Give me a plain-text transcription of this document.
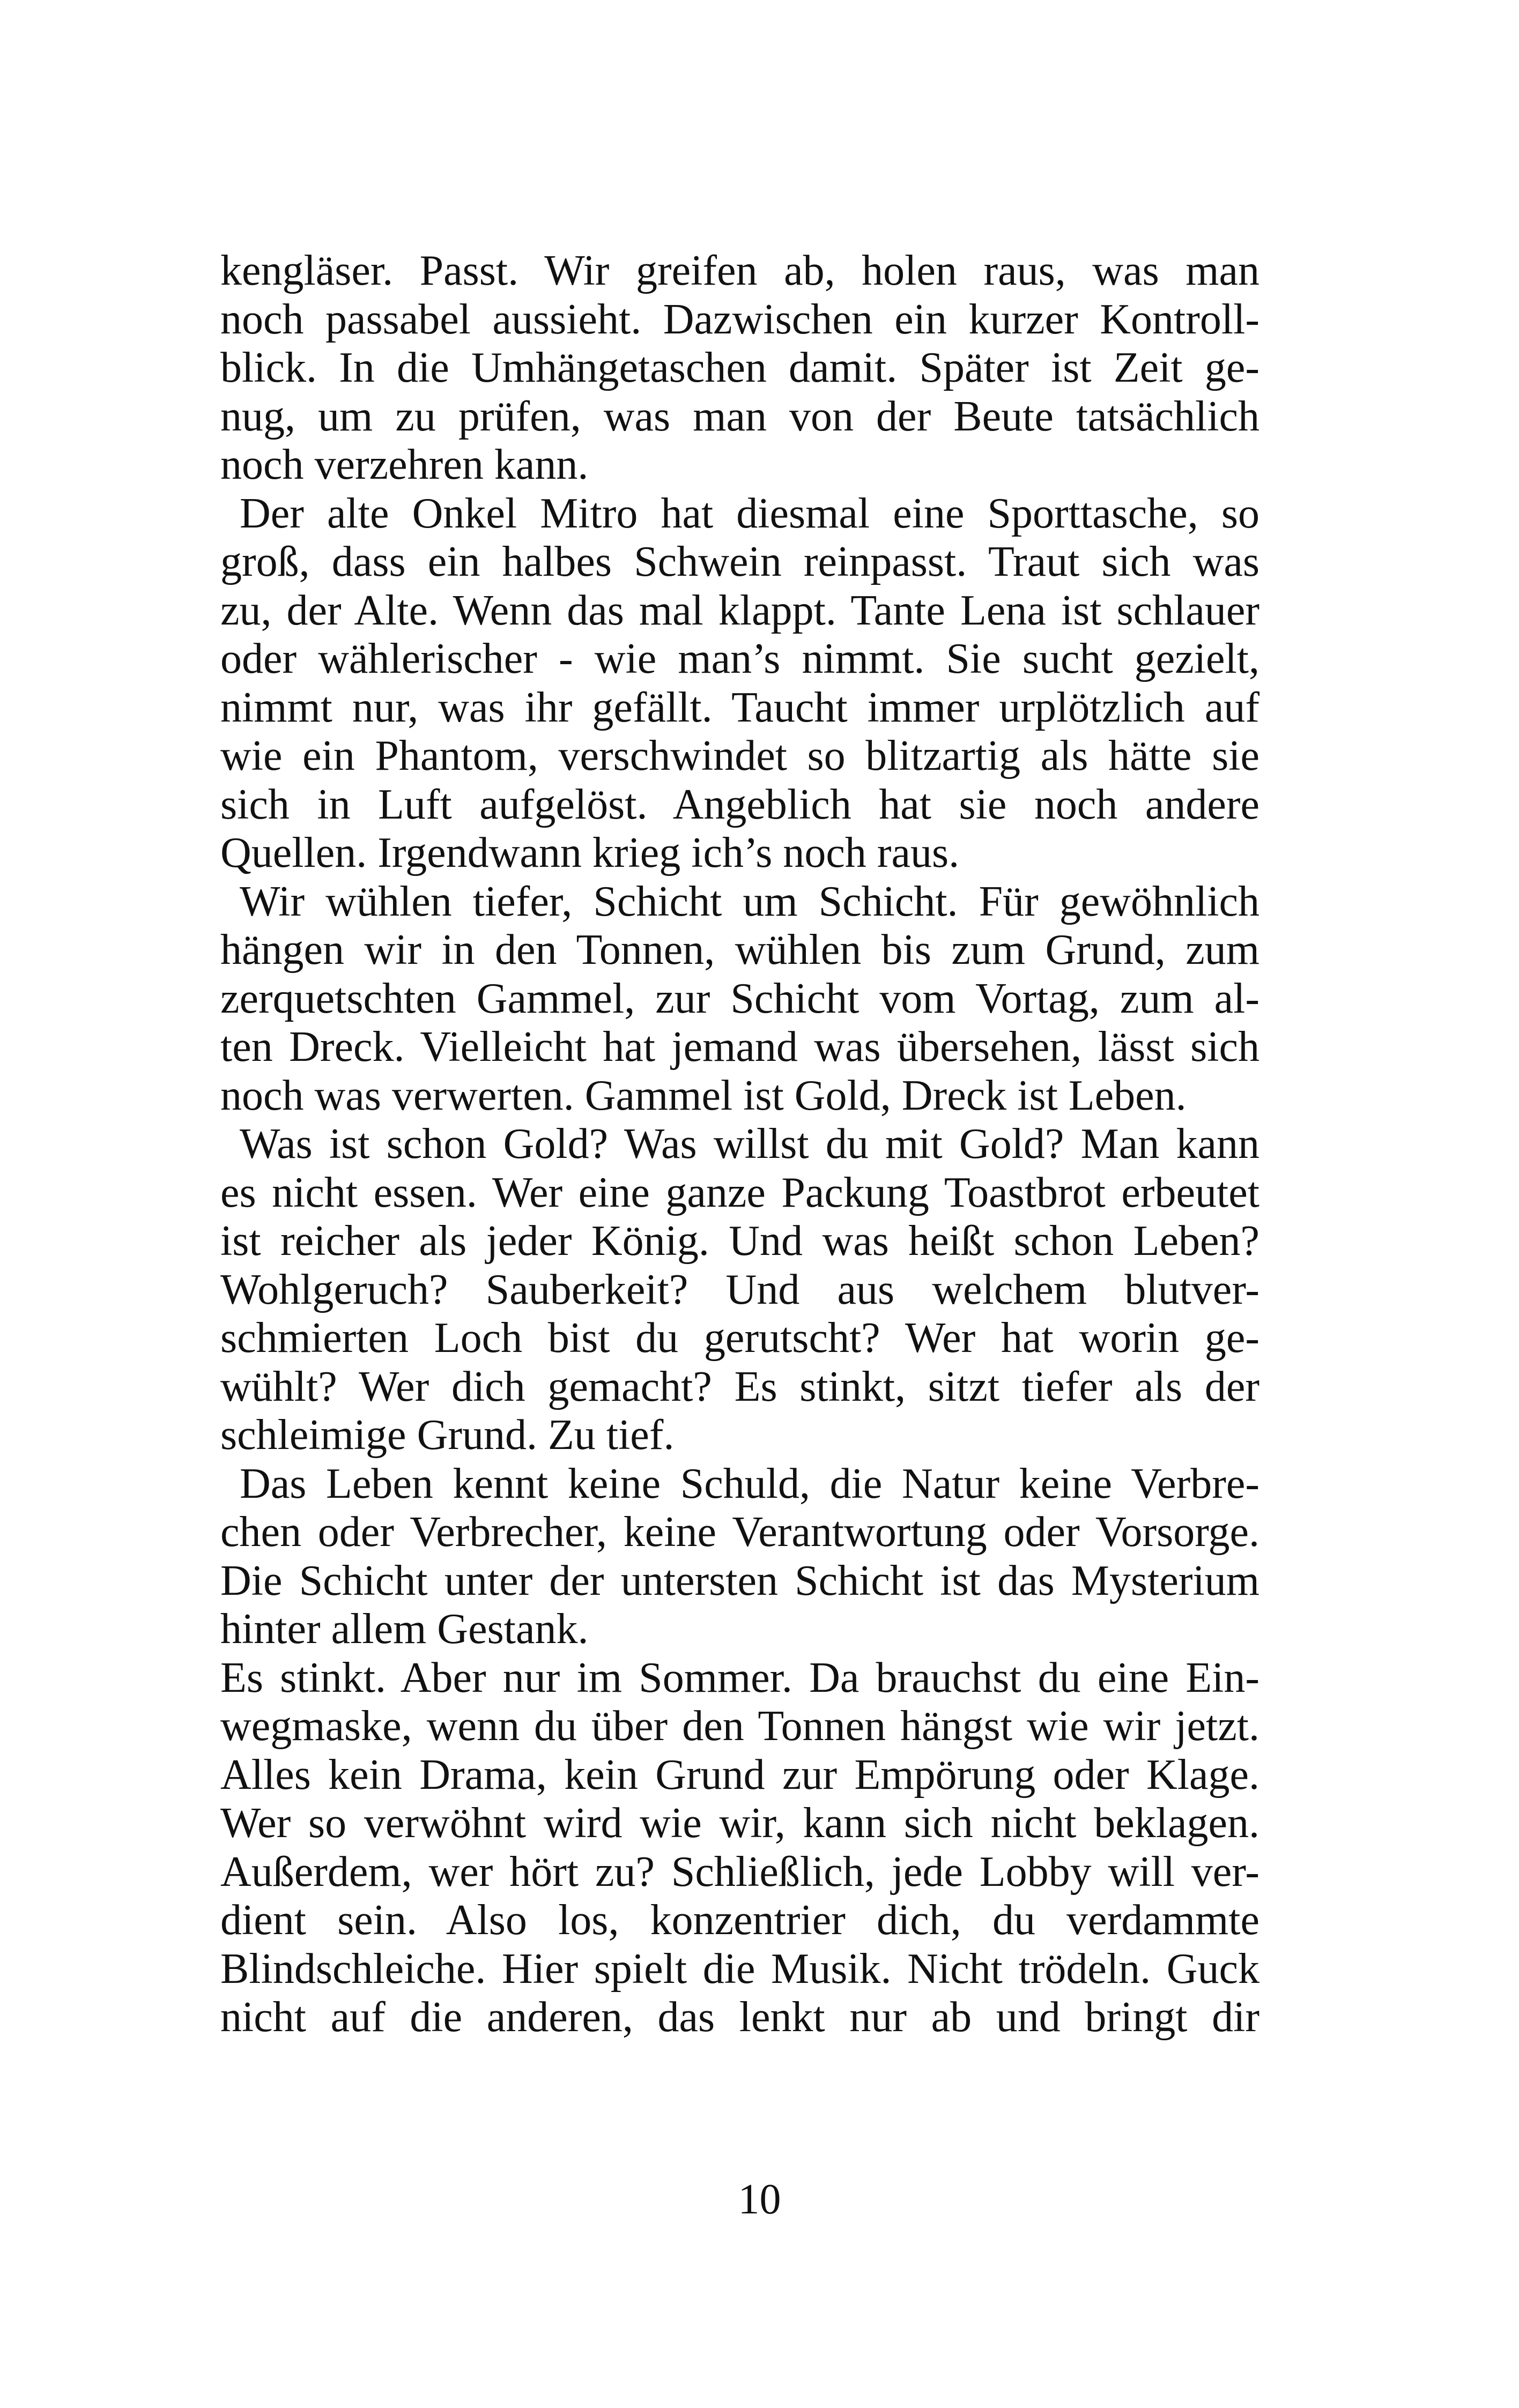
kengläser. Passt. Wir greifen ab, holen raus, was man
noch passabel aussieht. Dazwischen ein kurzer Kontroll-
blick. In die Umhängetaschen damit. Später ist Zeit ge-
nug, um zu prüfen, was man von der Beute tatsächlich
noch verzehren kann.

Der alte Onkel Mitro hat diesmal eine Sporttasche, so
groß, dass ein halbes Schwein reinpasst. Traut sich was
zu, der Alte. Wenn das mal klappt. Tante Lena ist schlauer
oder wählerischer - wie man’s nimmt. Sie sucht gezielt,
nimmt nur, was ihr gefällt. Taucht immer urplötzlich auf
wie ein Phantom, verschwindet so blitzartig als hätte sie
sich in Luft aufgelöst. Angeblich hat sie noch andere
Quellen. Irgendwann krieg ich’s noch raus.

Wir wühlen tiefer, Schicht um Schicht. Für gewöhnlich
hängen wir in den Tonnen, wühlen bis zum Grund, zum
zerquetschten Gammel, zur Schicht vom Vortag, zum al-
ten Dreck. Vielleicht hat jemand was übersehen, lässt sich
noch was verwerten. Gammel ist Gold, Dreck ist Leben.

Was ist schon Gold? Was willst du mit Gold? Man kann
es nicht essen. Wer eine ganze Packung Toastbrot erbeutet
ist reicher als jeder König. Und was heißt schon Leben?
Wohlgeruch? Sauberkeit? Und aus welchem blutver-
schmierten Loch bist du gerutscht? Wer hat worin ge-
wühlt? Wer dich gemacht? Es stinkt, sitzt tiefer als der
schleimige Grund. Zu tief.

Das Leben kennt keine Schuld, die Natur keine Verbre-
chen oder Verbrecher, keine Verantwortung oder Vorsorge.
Die Schicht unter der untersten Schicht ist das Mysterium
hinter allem Gestank.

Es stinkt. Aber nur im Sommer. Da brauchst du eine Ein-
wegmaske, wenn du über den Tonnen hängst wie wir jetzt.
Alles kein Drama, kein Grund zur Empörung oder Klage.
Wer so verwöhnt wird wie wir, kann sich nicht beklagen.
Außerdem, wer hört zu? Schließlich, jede Lobby will ver-
dient sein. Also los, konzentrier dich, du verdammte
Blindschleiche. Hier spielt die Musik. Nicht trödeln. Guck
nicht auf die anderen, das lenkt nur ab und bringt dir

10
